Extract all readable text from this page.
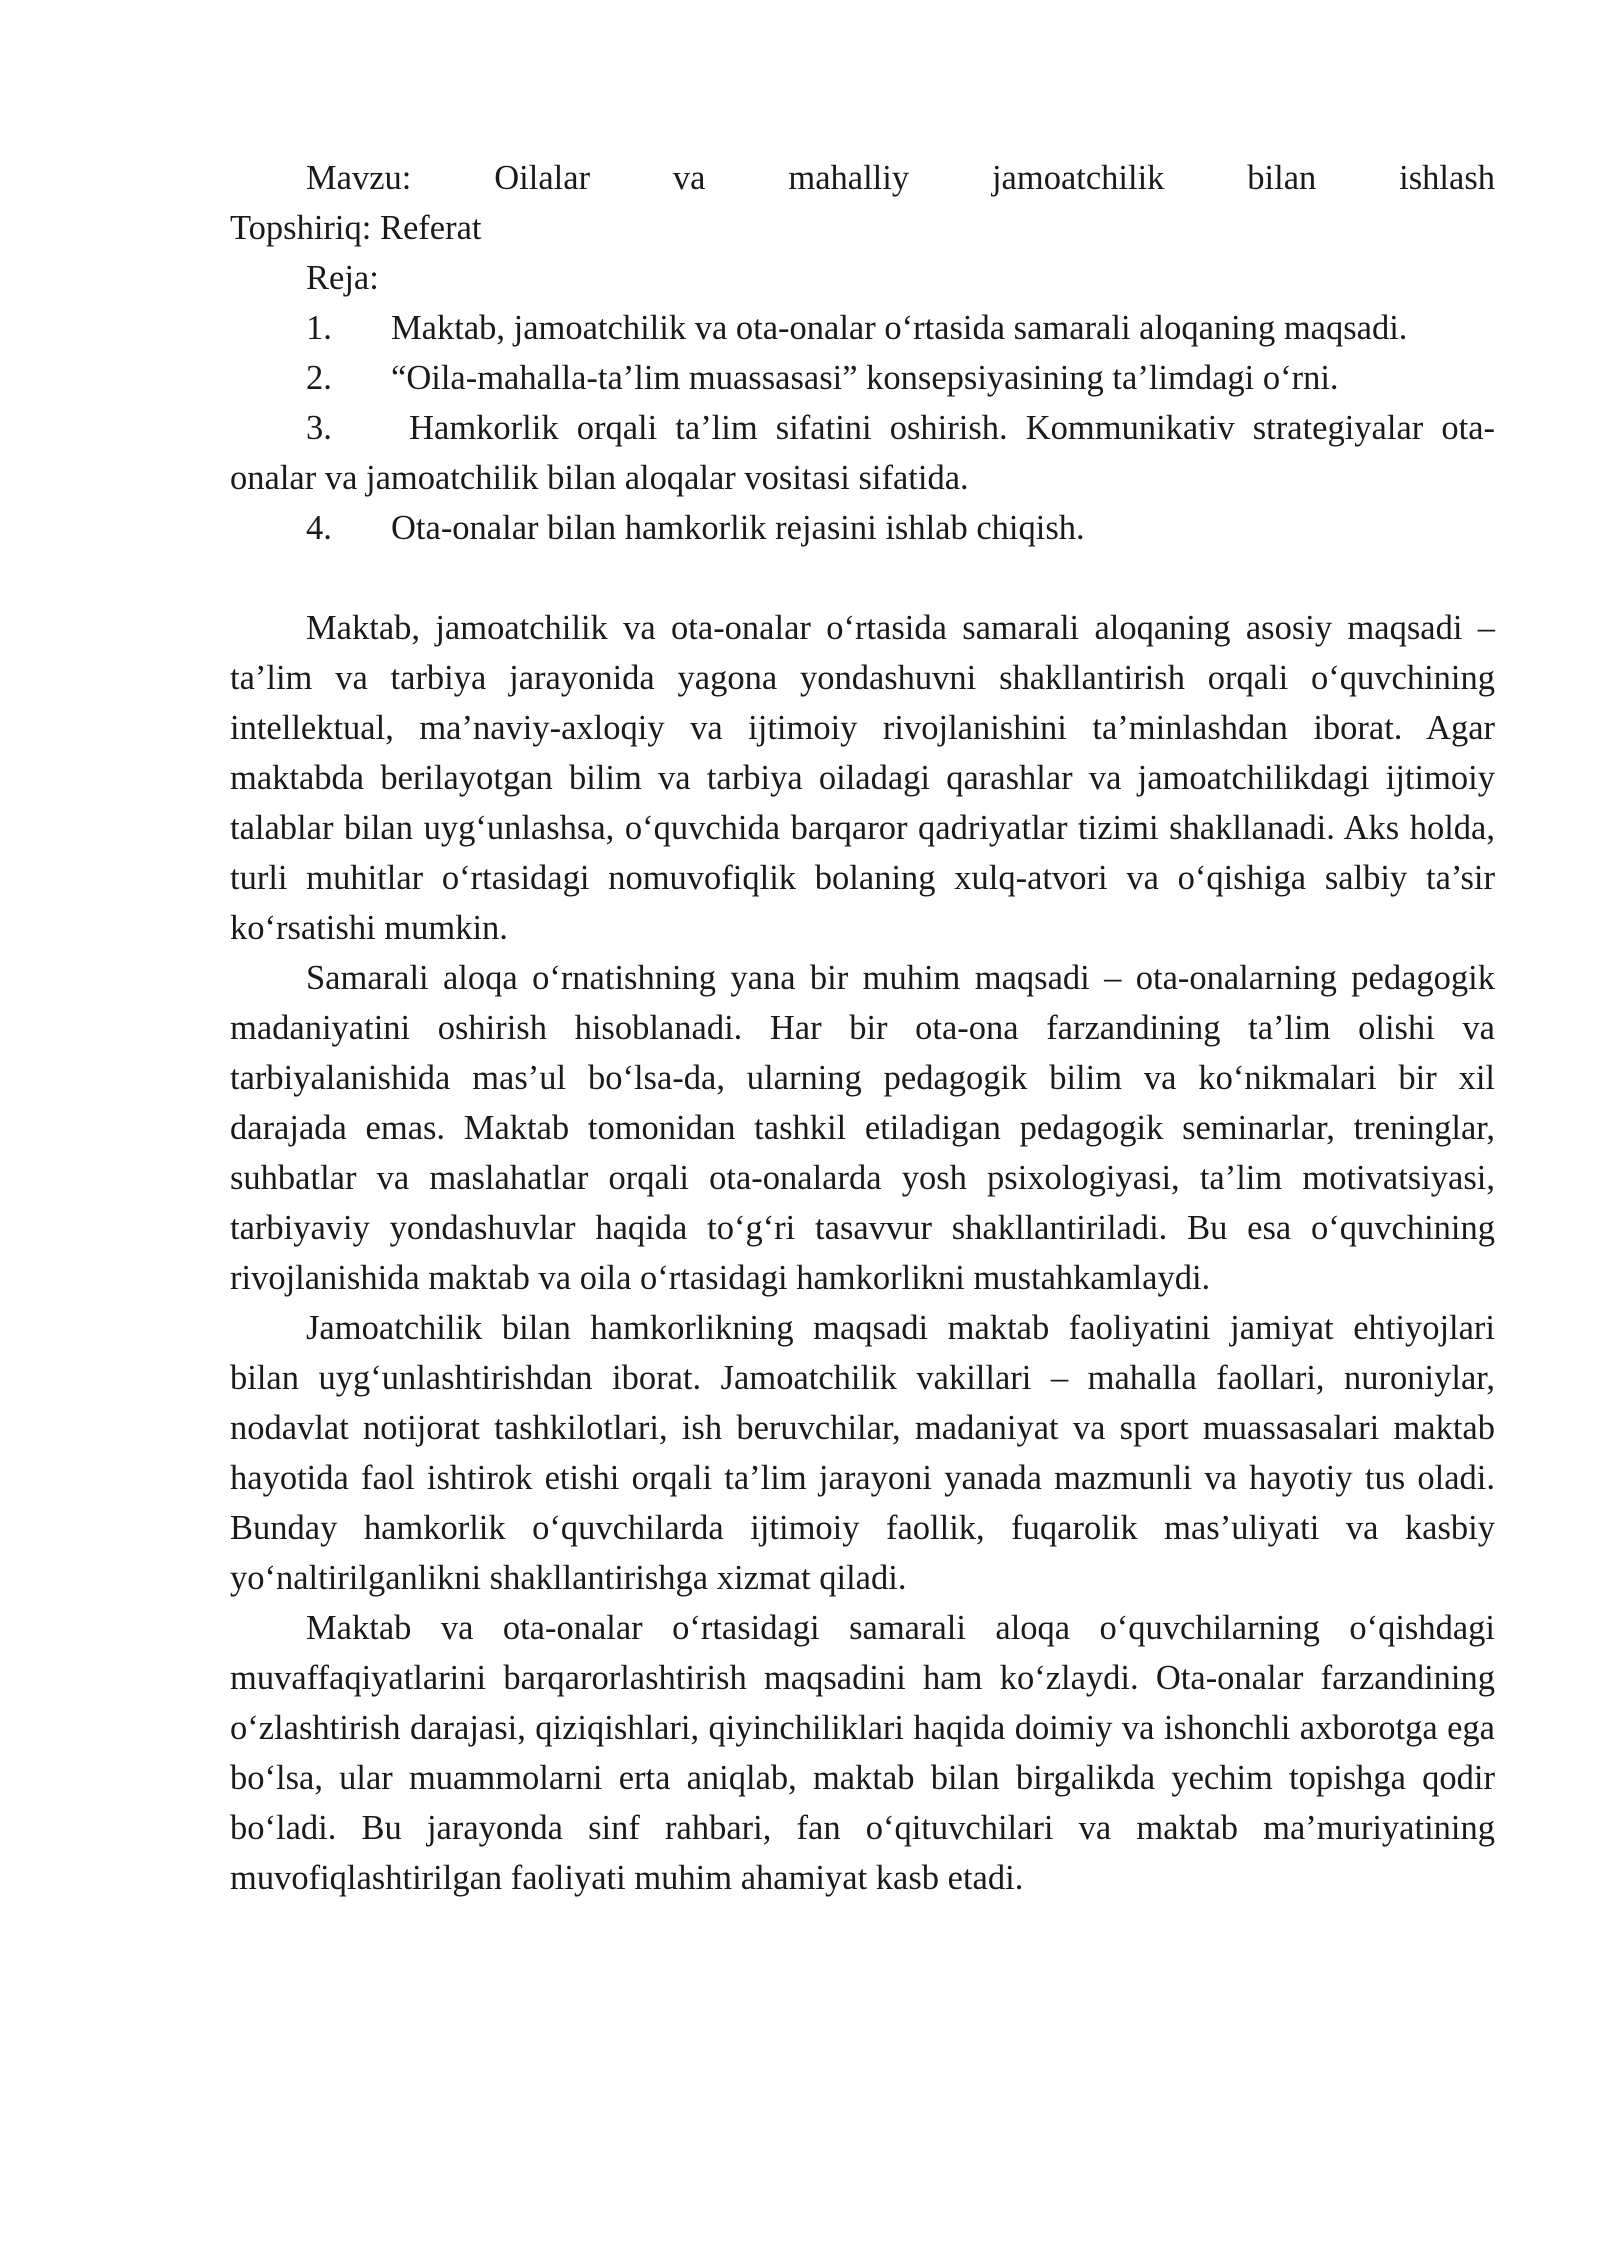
Mavzu: Oilalar va mahalliy jamoatchilik bilan ishlash

Topshiriq: Referat

Reja:

1. Maktab, jamoatchilik va ota-onalar o‘rtasida samarali aloqaning maqsadi.

2. “Oila-mahalla-ta’lim muassasasi” konsepsiyasining ta’limdagi o‘rni.

3. Hamkorlik orqali ta’lim sifatini oshirish. Kommunikativ strategiyalar ota-onalar va jamoatchilik bilan aloqalar vositasi sifatida.

4. Ota-onalar bilan hamkorlik rejasini ishlab chiqish.

Maktab, jamoatchilik va ota-onalar o‘rtasida samarali aloqaning asosiy maqsadi – ta’lim va tarbiya jarayonida yagona yondashuvni shakllantirish orqali o‘quvchining intellektual, ma’naviy-axloqiy va ijtimoiy rivojlanishini ta’minlashdan iborat. Agar maktabda berilayotgan bilim va tarbiya oiladagi qarashlar va jamoatchilikdagi ijtimoiy talablar bilan uyg‘unlashsa, o‘quvchida barqaror qadriyatlar tizimi shakllanadi. Aks holda, turli muhitlar o‘rtasidagi nomuvofiqlik bolaning xulq-atvori va o‘qishiga salbiy ta’sir ko‘rsatishi mumkin.

Samarali aloqa o‘rnatishning yana bir muhim maqsadi – ota-onalarning pedagogik madaniyatini oshirish hisoblanadi. Har bir ota-ona farzandining ta’lim olishi va tarbiyalanishida mas’ul bo‘lsa-da, ularning pedagogik bilim va ko‘nikmalari bir xil darajada emas. Maktab tomonidan tashkil etiladigan pedagogik seminarlar, treninglar, suhbatlar va maslahatlar orqali ota-onalarda yosh psixologiyasi, ta’lim motivatsiyasi, tarbiyaviy yondashuvlar haqida to‘g‘ri tasavvur shakllantiriladi. Bu esa o‘quvchining rivojlanishida maktab va oila o‘rtasidagi hamkorlikni mustahkamlaydi.

Jamoatchilik bilan hamkorlikning maqsadi maktab faoliyatini jamiyat ehtiyojlari bilan uyg‘unlashtirishdan iborat. Jamoatchilik vakillari – mahalla faollari, nuroniylar, nodavlat notijorat tashkilotlari, ish beruvchilar, madaniyat va sport muassasalari maktab hayotida faol ishtirok etishi orqali ta’lim jarayoni yanada mazmunli va hayotiy tus oladi. Bunday hamkorlik o‘quvchilarda ijtimoiy faollik, fuqarolik mas’uliyati va kasbiy yo‘naltirilganlikni shakllantirishga xizmat qiladi.

Maktab va ota-onalar o‘rtasidagi samarali aloqa o‘quvchilarning o‘qishdagi muvaffaqiyatlarini barqarorlashtirish maqsadini ham ko‘zlaydi. Ota-onalar farzandining o‘zlashtirish darajasi, qiziqishlari, qiyinchiliklari haqida doimiy va ishonchli axborotga ega bo‘lsa, ular muammolarni erta aniqlab, maktab bilan birgalikda yechim topishga qodir bo‘ladi. Bu jarayonda sinf rahbari, fan o‘qituvchilari va maktab ma’muriyatining muvofiqlashtirilgan faoliyati muhim ahamiyat kasb etadi.
